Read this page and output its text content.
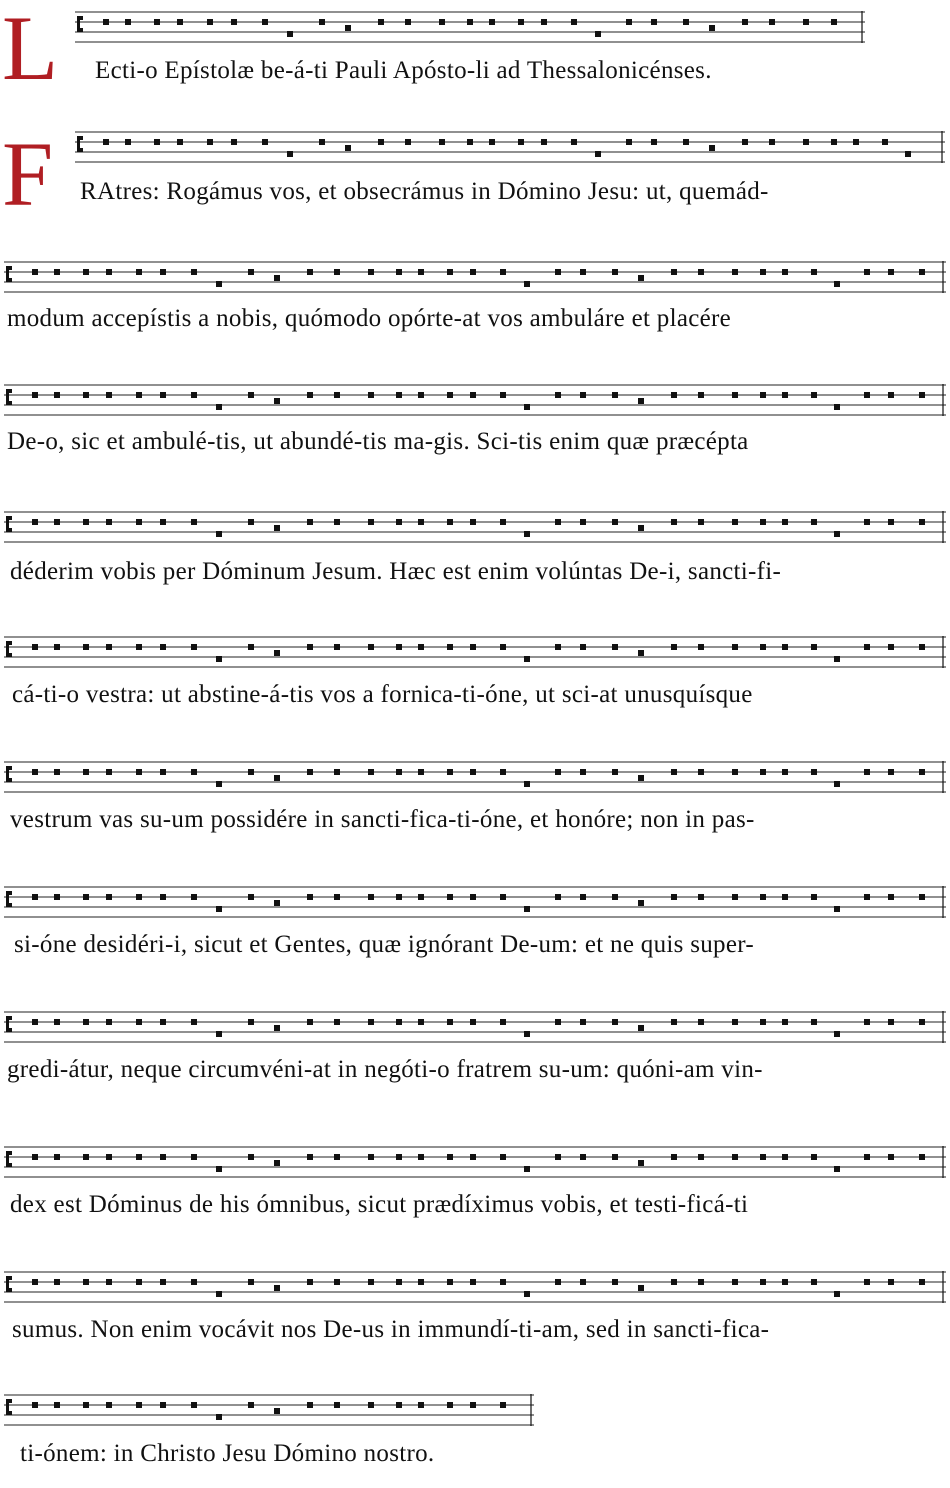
L Ecti-o Epístolæ be-á-ti Pauli Apósto-li ad Thessalonicénses.
F RAtres: Rogámus vos, et obsecrámus in Dómino Jesu: ut, quemád-
modum accepístis a nobis, quómodo opórte-at vos ambuláre et placére
De-o, sic et ambulé-tis, ut abundé-tis ma-gis. Sci-tis enim quæ præcépta
déderim vobis per Dóminum Jesum. Hæc est enim volúntas De-i, sancti-fi-
cá-ti-o vestra: ut abstine-á-tis vos a fornica-ti-óne, ut sci-at unusquísque
vestrum vas su-um possidére in sancti-fica-ti-óne, et honóre; non in pas-
si-óne desidéri-i, sicut et Gentes, quæ ignórant De-um: et ne quis super-
gredi-átur, neque circumvéni-at in negóti-o fratrem su-um: quóni-am vin-
dex est Dóminus de his ómnibus, sicut prædíximus vobis, et testi-ficá-ti
sumus. Non enim vocávit nos De-us in immundí-ti-am, sed in sancti-fica-
ti-ónem: in Christo Jesu Dómino nostro.
